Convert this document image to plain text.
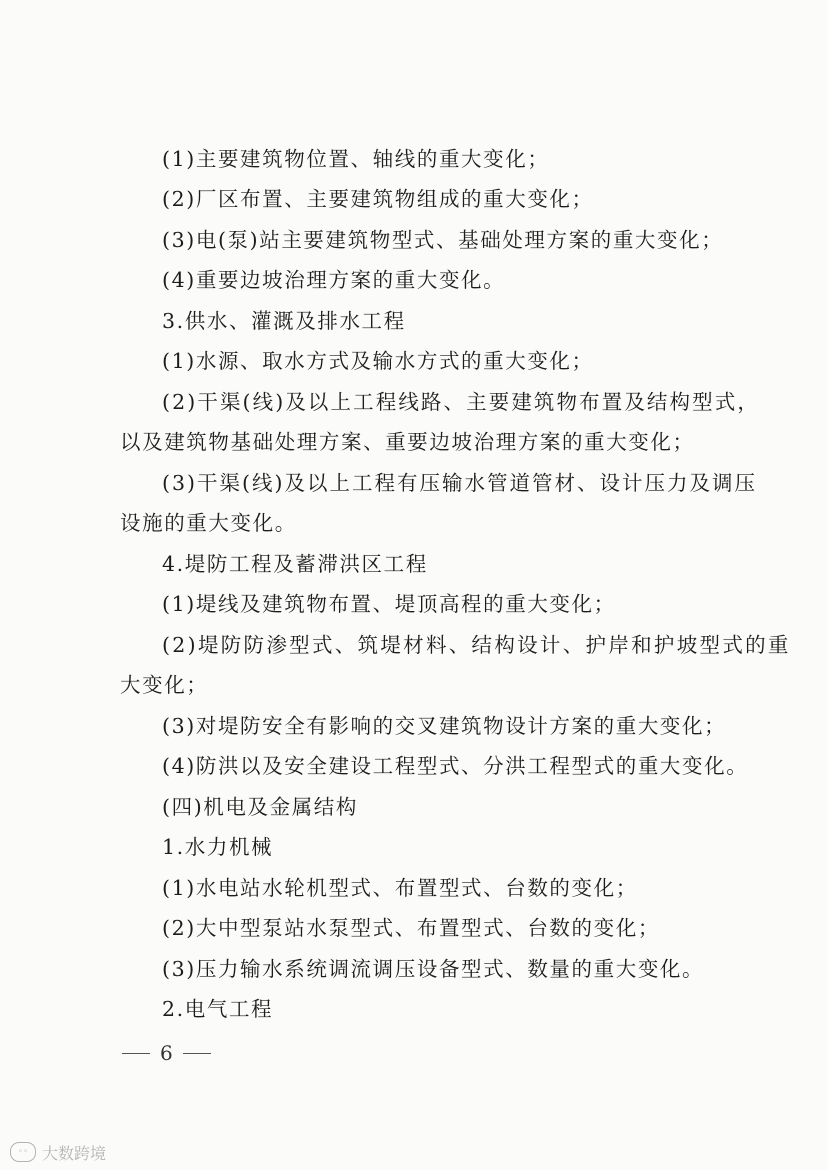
(1)主要建筑物位置、轴线的重大变化；
(2)厂区布置、主要建筑物组成的重大变化；
(3)电(泵)站主要建筑物型式、基础处理方案的重大变化；
(4)重要边坡治理方案的重大变化。
3.供水、灌溉及排水工程
(1)水源、取水方式及输水方式的重大变化；
(2)干渠(线)及以上工程线路、主要建筑物布置及结构型式，
以及建筑物基础处理方案、重要边坡治理方案的重大变化；
(3)干渠(线)及以上工程有压输水管道管材、设计压力及调压
设施的重大变化。
4.堤防工程及蓄滞洪区工程
(1)堤线及建筑物布置、堤顶高程的重大变化；
(2)堤防防渗型式、筑堤材料、结构设计、护岸和护坡型式的重
大变化；
(3)对堤防安全有影响的交叉建筑物设计方案的重大变化；
(4)防洪以及安全建设工程型式、分洪工程型式的重大变化。
(四)机电及金属结构
1.水力机械
(1)水电站水轮机型式、布置型式、台数的变化；
(2)大中型泵站水泵型式、布置型式、台数的变化；
(3)压力输水系统调流调压设备型式、数量的重大变化。
2.电气工程
6
◦◦ 大数跨境
